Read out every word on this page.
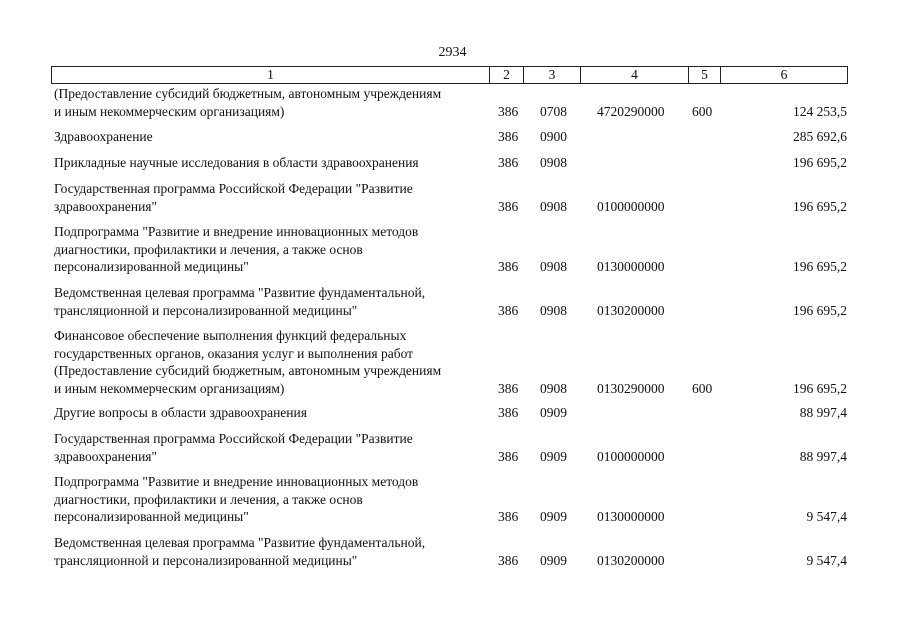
2934
1	2	3	4	5	6
(Предоставление субсидий бюджетным, автономным учреждениям
и иным некоммерческим организациям)	386	0708	4720290000	600	124 253,5
Здравоохранение	386	0900	285 692,6
Прикладные научные исследования в области здравоохранения	386	0908	196 695,2
Государственная программа Российской Федерации "Развитие
здравоохранения"	386	0908	0100000000	196 695,2
Подпрограмма "Развитие и внедрение инновационных методов
диагностики, профилактики и лечения, а также основ
персонализированной медицины"	386	0908	0130000000	196 695,2
Ведомственная целевая программа "Развитие фундаментальной,
трансляционной и персонализированной медицины"	386	0908	0130200000	196 695,2
Финансовое обеспечение выполнения функций федеральных
государственных органов, оказания услуг и выполнения работ
(Предоставление субсидий бюджетным, автономным учреждениям
и иным некоммерческим организациям)	386	0908	0130290000	600	196 695,2
Другие вопросы в области здравоохранения	386	0909	88 997,4
Государственная программа Российской Федерации "Развитие
здравоохранения"	386	0909	0100000000	88 997,4
Подпрограмма "Развитие и внедрение инновационных методов
диагностики, профилактики и лечения, а также основ
персонализированной медицины"	386	0909	0130000000	9 547,4
Ведомственная целевая программа "Развитие фундаментальной,
трансляционной и персонализированной медицины"	386	0909	0130200000	9 547,4
